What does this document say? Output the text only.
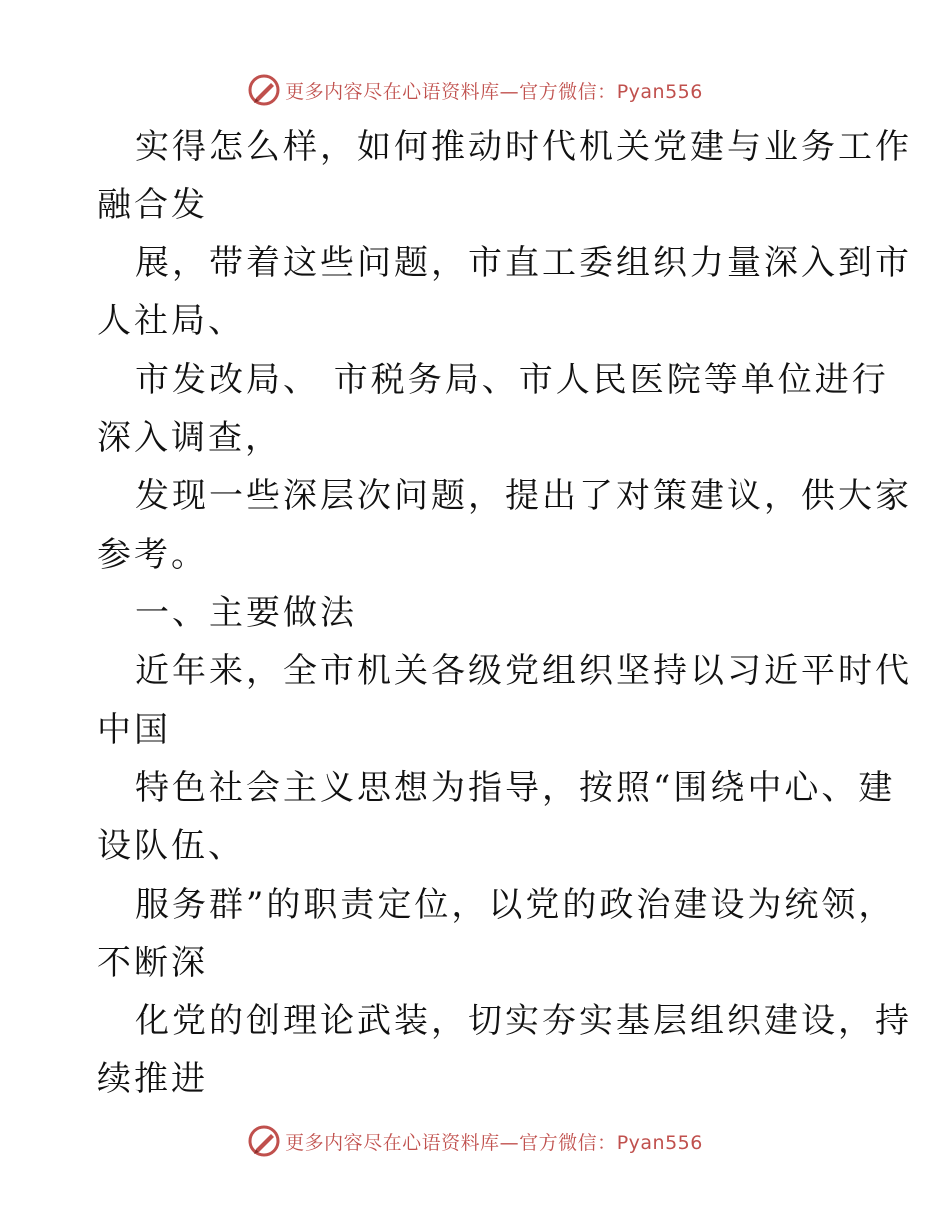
更多内容尽在心语资料库—官方微信：Pyan556
实得怎么样，如何推动时代机关党建与业务工作
融合发
展，带着这些问题，市直工委组织力量深入到市
人社局、
市发改局、 市税务局、市人民医院等单位进行
深入调查，
发现一些深层次问题，提出了对策建议，供大家
参考。
一、主要做法
近年来，全市机关各级党组织坚持以习近平时代
中国
特色社会主义思想为指导，按照“围绕中心、建
设队伍、
服务群”的职责定位，以党的政治建设为统领，
不断深
化党的创理论武装，切实夯实基层组织建设，持
续推进
更多内容尽在心语资料库—官方微信：Pyan556
